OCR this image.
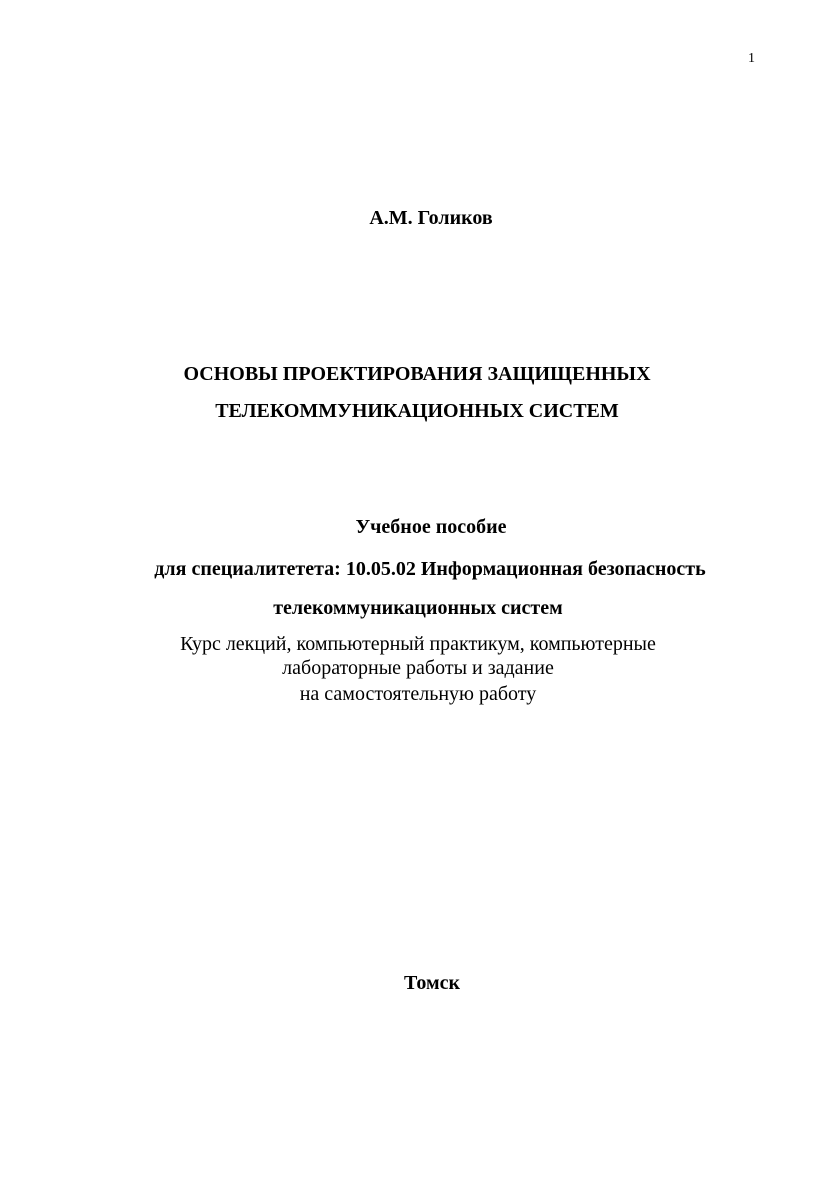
1
А.М. Голиков
ОСНОВЫ ПРОЕКТИРОВАНИЯ ЗАЩИЩЕННЫХ
ТЕЛЕКОММУНИКАЦИОННЫХ СИСТЕМ
Учебное пособие
для специалитетета: 10.05.02 Информационная безопасность
телекоммуникационных систем
Курс лекций, компьютерный практикум, компьютерные
лабораторные работы и задание
на самостоятельную работу
Томск
